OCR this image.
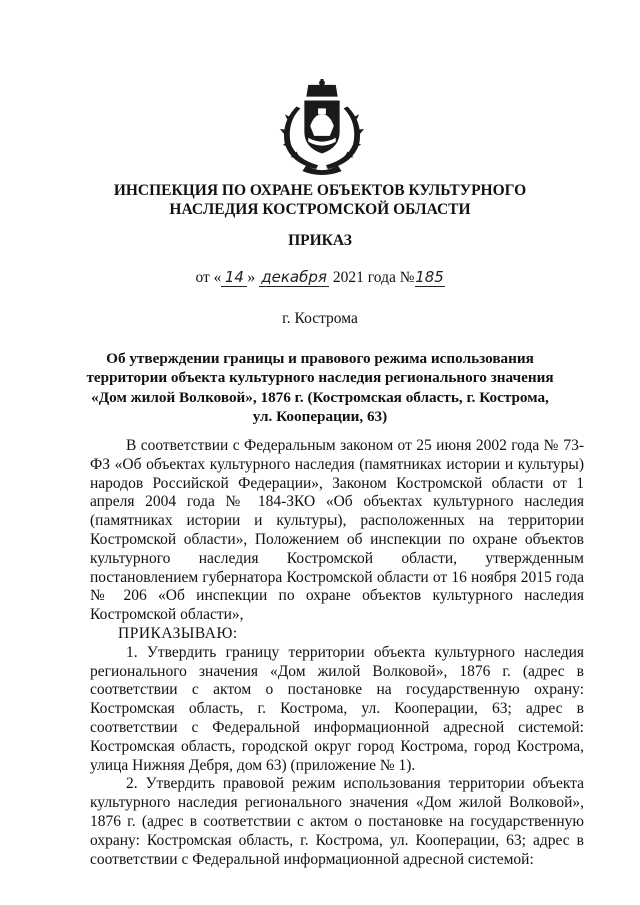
ИНСПЕКЦИЯ ПО ОХРАНЕ ОБЪЕКТОВ КУЛЬТУРНОГО НАСЛЕДИЯ КОСТРОМСКОЙ ОБЛАСТИ
ПРИКАЗ
от « 14 » декабря 2021 года №185
г. Кострома
Об утверждении границы и правового режима использования территории объекта культурного наследия регионального значения «Дом жилой Волковой», 1876 г. (Костромская область, г. Кострома, ул. Кооперации, 63)

В соответствии с Федеральным законом от 25 июня 2002 года № 73-ФЗ «Об объектах культурного наследия (памятниках истории и культуры) народов Российской Федерации», Законом Костромской области от 1 апреля 2004 года № 184-ЗКО «Об объектах культурного наследия (памятниках истории и культуры), расположенных на территории Костромской области», Положением об инспекции по охране объектов культурного наследия Костромской области, утвержденным постановлением губернатора Костромской области от 16 ноября 2015 года № 206 «Об инспекции по охране объектов культурного наследия Костромской области»,

ПРИКАЗЫВАЮ:

1. Утвердить границу территории объекта культурного наследия регионального значения «Дом жилой Волковой», 1876 г. (адрес в соответствии с актом о постановке на государственную охрану: Костромская область, г. Кострома, ул. Кооперации, 63; адрес в соответствии с Федеральной информационной адресной системой: Костромская область, городской округ город Кострома, город Кострома, улица Нижняя Дебря, дом 63) (приложение № 1).

2. Утвердить правовой режим использования территории объекта культурного наследия регионального значения «Дом жилой Волковой», 1876 г. (адрес в соответствии с актом о постановке на государственную охрану: Костромская область, г. Кострома, ул. Кооперации, 63; адрес в соответствии с Федеральной информационной адресной системой:
